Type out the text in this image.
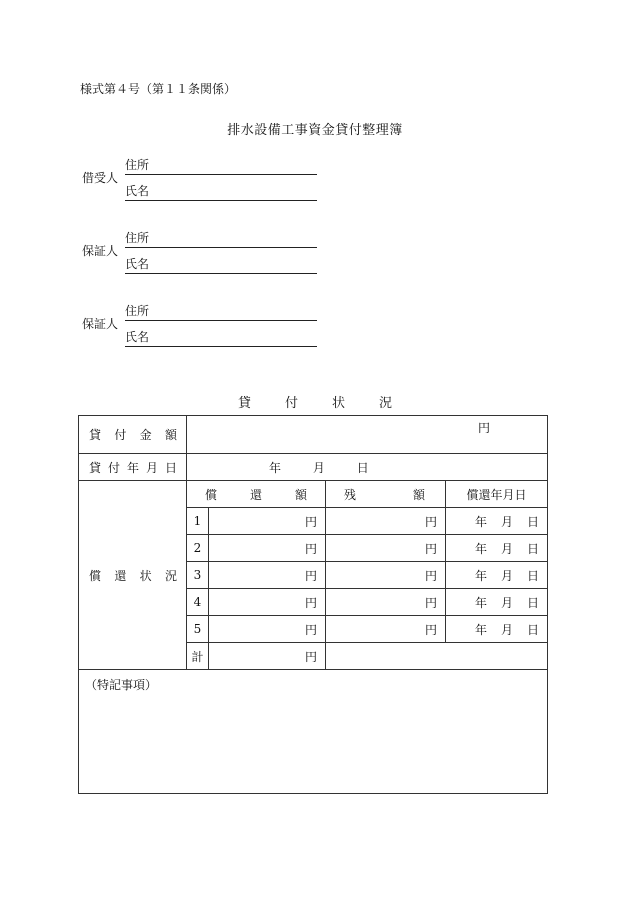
様式第４号（第１１条関係）
排水設備工事資金貸付整理簿
借受人
住所
氏名
保証人
住所
氏名
保証人
住所
氏名
貸	付	状	況
貸付金額	円			
貸付年月日	年 月 日			
償還状況	償 還 額		残 額	償還年月日
	1	円	円	年 月 日

	2	円	円	年 月 日

	3	円	円	年 月 日

	4	円	円	年 月 日

	5	円	円	年 月 日

	計	円		

（特記事項）				
